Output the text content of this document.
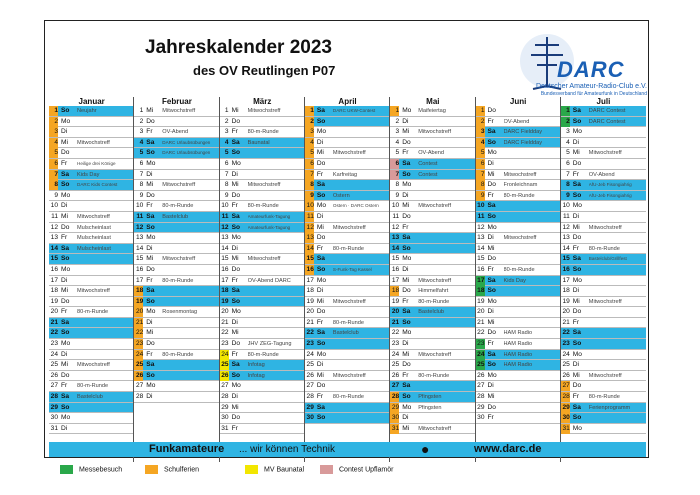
Jahreskalender 2023
des OV Reutlingen P07	DARC
Deutscher Amateur-Radio-Club e.V.
Bundesverband für Amateurfunk in Deutschland
Januar
1 So	Neujahr
2 Mo
3 Di
4 Mi	Mitwochstreff
5 Do
6 Fr	Heilige drei Könige
7 Sa	Kids Day
8 So	DARC Kids Contest
9 Mo
10 Di
11 Mi	Mitwochstreff
12 Do	Mulscheinlast
13 Fr	Mulscheinlast
14 Sa	Mulscheinlast
15 So
16 Mo
17 Di
18 Mi	Mitwochstreff
19 Do
20 Fr	80-m-Runde
21 Sa
22 So
23 Mo
24 Di
25 Mi	Mitwochstreff
26 Do
27 Fr	80-m-Runde
28 Sa	Bastelclub
29 So
30 Mo
31 Di
Februar
1 Mi	Mitwochstreff
2 Do
3 Fr	OV-Abend
4 Sa	DARC Urlaubsübungen
5 So	DARC Urlaubsübungen
6 Mo
7 Di
8 Mi	Mitwochstreff
9 Do
10 Fr	80-m-Runde
11 Sa	Bastelclub
12 So
13 Mo
14 Di
15 Mi	Mitwochstreff
16 Do
17 Fr	80-m-Runde
18 Sa
19 So
20 Mo	Rosenmontag
21 Di
22 Mi
23 Do
24 Fr	80-m-Runde
25 Sa
26 So
27 Mo
28 Di
März
1 Mi	Mitwochstreff
2 Do
3 Fr	80-m-Runde
4 Sa	Baunatal
5 So
6 Mo
7 Di
8 Mi	Mitwochstreff
9 Do
10 Fr	80-m-Runde
11 Sa	Amateurfunk-Tagung
12 So	Amateurfunk-Tagung
13 Mo
14 Di
15 Mi	Mitwochstreff
16 Do
17 Fr	OV-Abend DARC
18 Sa
19 So
20 Mo
21 Di
22 Mi
23 Do	JHV ZEG-Tagung
24 Fr	80-m-Runde
25 Sa	Infotag
26 So	Infotag
27 Mo
28 Di
29 Mi
30 Do
31 Fr
April
1 Sa	DARC UKW-Contest
2 So
3 Mo
4 Di
5 Mi	Mitwochstreff
6 Do
7 Fr	Karfreitag
8 Sa
9 So	Ostern
10 Mo	Ostern · DARC Ostern
11 Di
12 Mi	Mitwochstreff
13 Do
14 Fr	80-m-Runde
15 Sa
16 So	S-Funk-Tag Kassel
17 Mo
18 Di
19 Mi	Mitwochstreff
20 Do
21 Fr	80-m-Runde
22 Sa	Bastelclub
23 So
24 Mo
25 Di
26 Mi	Mitwochstreff
27 Do
28 Fr	80-m-Runde
29 Sa
30 So
Mai
1 Mo	Maifeiertag
2 Di
3 Mi	Mitwochstreff
4 Do
5 Fr	OV-Abend
6 Sa	Contest
7 So	Contest
8 Mo
9 Di
10 Mi	Mitwochstreff
11 Do
12 Fr
13 Sa
14 So
15 Mo
16 Di
17 Mi	Mitwochstreff
18 Do	Himmelfahrt
19 Fr	80-m-Runde
20 Sa	Bastelclub
21 So
22 Mo
23 Di
24 Mi	Mitwochstreff
25 Do
26 Fr	80-m-Runde
27 Sa
28 So	Pfingsten
29 Mo	Pfingsten
30 Di
31 Mi	Mitwochstreff
Juni
1 Do
2 Fr	OV-Abend
3 Sa	DARC Fieldday
4 So	DARC Fieldday
5 Mo
6 Di
7 Mi	Mitwochstreff
8 Do	Fronleichnam
9 Fr	80-m-Runde
10 Sa
11 So
12 Mo
13 Di	Mitwochstreff
14 Mi
15 Do
16 Fr	80-m-Runde
17 Sa	Kids Day
18 So
19 Mo
20 Di
21 Mi
22 Do	HAM Radio
23 Fr	HAM Radio
24 Sa	HAM Radio
25 So	HAM Radio
26 Mo
27 Di
28 Mi
29 Do
30 Fr
Juli
1 Sa	DARC Contest
2 So	DARC Contest
3 Mo
4 Di
5 Mi	Mitwochstreff
6 Do
7 Fr	OV-Abend
8 Sa	AfU-Jeb Fisongiahrig
9 So	AfU-Jeb Fisongiahrig
10 Mo
11 Di
12 Mi	Mitwochstreff
13 Do
14 Fr	80-m-Runde
15 Sa	Bastelclub/Grillfest
16 So
17 Mo
18 Di
19 Mi	Mitwochstreff
20 Do
21 Fr
22 Sa
23 So
24 Mo
25 Di
26 Mi	Mitwochstreff
27 Do
28 Fr	80-m-Runde
29 Sa	Ferienprogramm
30 So
31 Mo
Funkamateure ... wir können Technik	●	www.darc.de
Messebesuch	Schulferien	MV Baunatal	Contest Upflamör
